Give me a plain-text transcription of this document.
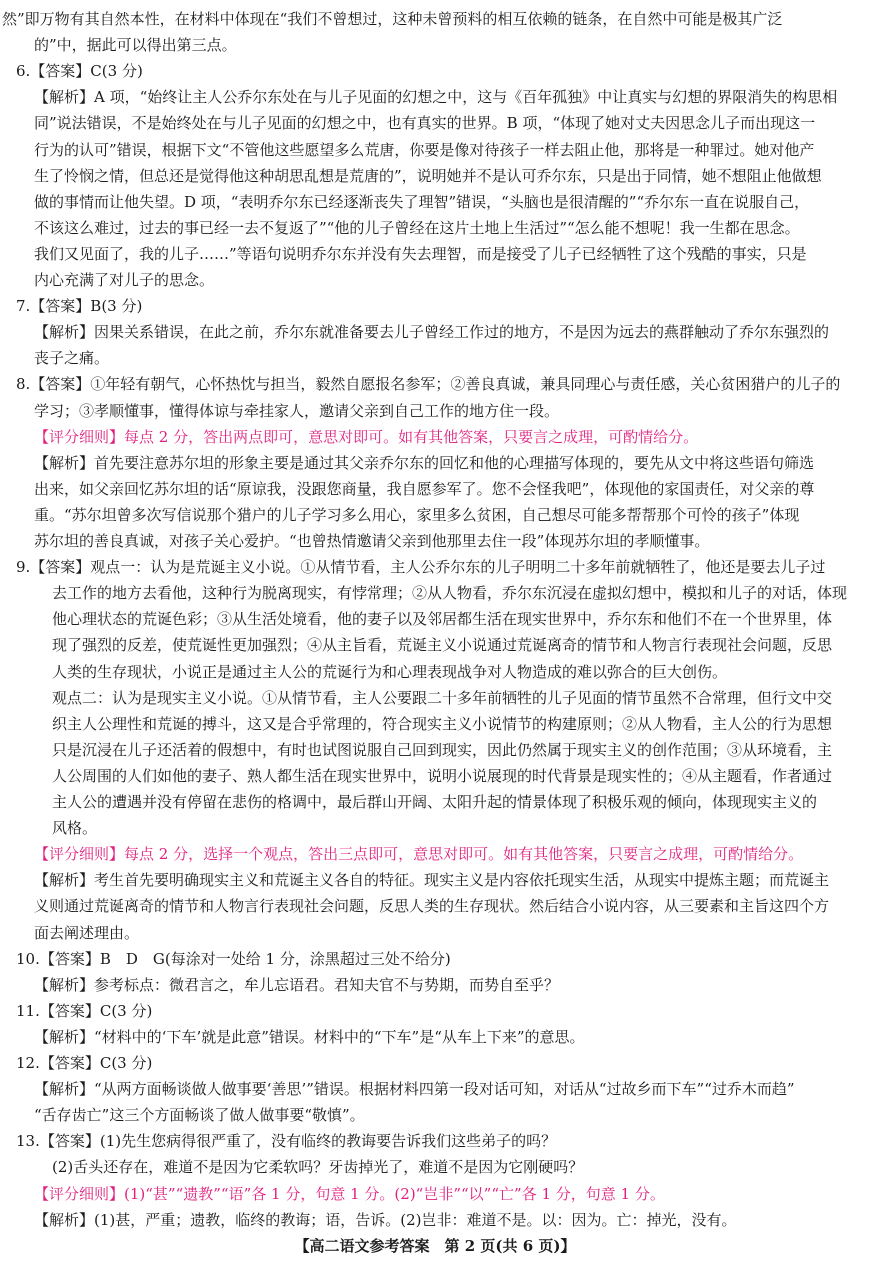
然”即万物有其自然本性，在材料中体现在“我们不曾想过，这种未曾预料的相互依赖的链条，在自然中可能是极其广泛
的”中，据此可以得出第三点。
6.【答案】C(3 分)
【解析】A 项，“始终让主人公乔尔东处在与儿子见面的幻想之中，这与《百年孤独》中让真实与幻想的界限消失的构思相
同”说法错误，不是始终处在与儿子见面的幻想之中，也有真实的世界。B 项，“体现了她对丈夫因思念儿子而出现这一
行为的认可”错误，根据下文“不管他这些愿望多么荒唐，你要是像对待孩子一样去阻止他，那将是一种罪过。她对他产
生了怜悯之情，但总还是觉得他这种胡思乱想是荒唐的”，说明她并不是认可乔尔东，只是出于同情，她不想阻止他做想
做的事情而让他失望。D 项，“表明乔尔东已经逐渐丧失了理智”错误，“头脑也是很清醒的”“乔尔东一直在说服自己，
不该这么难过，过去的事已经一去不复返了”“他的儿子曾经在这片土地上生活过”“怎么能不想呢！我一生都在思念。
我们又见面了，我的儿子……”等语句说明乔尔东并没有失去理智，而是接受了儿子已经牺牲了这个残酷的事实，只是
内心充满了对儿子的思念。
7.【答案】B(3 分)
【解析】因果关系错误，在此之前，乔尔东就准备要去儿子曾经工作过的地方，不是因为远去的燕群触动了乔尔东强烈的
丧子之痛。
8.【答案】①年轻有朝气，心怀热忱与担当，毅然自愿报名参军；②善良真诚，兼具同理心与责任感，关心贫困猎户的儿子的
学习；③孝顺懂事，懂得体谅与牵挂家人，邀请父亲到自己工作的地方住一段。
【评分细则】每点 2 分，答出两点即可，意思对即可。如有其他答案，只要言之成理，可酌情给分。
【解析】首先要注意苏尔坦的形象主要是通过其父亲乔尔东的回忆和他的心理描写体现的，要先从文中将这些语句筛选
出来，如父亲回忆苏尔坦的话“原谅我，没跟您商量，我自愿参军了。您不会怪我吧”，体现他的家国责任，对父亲的尊
重。“苏尔坦曾多次写信说那个猎户的儿子学习多么用心，家里多么贫困，自己想尽可能多帮帮那个可怜的孩子”体现
苏尔坦的善良真诚，对孩子关心爱护。“也曾热情邀请父亲到他那里去住一段”体现苏尔坦的孝顺懂事。
9.【答案】观点一：认为是荒诞主义小说。①从情节看，主人公乔尔东的儿子明明二十多年前就牺牲了，他还是要去儿子过
去工作的地方去看他，这种行为脱离现实，有悖常理；②从人物看，乔尔东沉浸在虚拟幻想中，模拟和儿子的对话，体现
他心理状态的荒诞色彩；③从生活处境看，他的妻子以及邻居都生活在现实世界中，乔尔东和他们不在一个世界里，体
现了强烈的反差，使荒诞性更加强烈；④从主旨看，荒诞主义小说通过荒诞离奇的情节和人物言行表现社会问题，反思
人类的生存现状，小说正是通过主人公的荒诞行为和心理表现战争对人物造成的难以弥合的巨大创伤。
观点二：认为是现实主义小说。①从情节看，主人公要跟二十多年前牺牲的儿子见面的情节虽然不合常理，但行文中交
织主人公理性和荒诞的搏斗，这又是合乎常理的，符合现实主义小说情节的构建原则；②从人物看，主人公的行为思想
只是沉浸在儿子还活着的假想中，有时也试图说服自己回到现实，因此仍然属于现实主义的创作范围；③从环境看，主
人公周围的人们如他的妻子、熟人都生活在现实世界中，说明小说展现的时代背景是现实性的；④从主题看，作者通过
主人公的遭遇并没有停留在悲伤的格调中，最后群山开阔、太阳升起的情景体现了积极乐观的倾向，体现现实主义的
风格。
【评分细则】每点 2 分，选择一个观点，答出三点即可，意思对即可。如有其他答案，只要言之成理，可酌情给分。
【解析】考生首先要明确现实主义和荒诞主义各自的特征。现实主义是内容依托现实生活，从现实中提炼主题；而荒诞主
义则通过荒诞离奇的情节和人物言行表现社会问题，反思人类的生存现状。然后结合小说内容，从三要素和主旨这四个方
面去阐述理由。
10.【答案】B　D　G(每涂对一处给 1 分，涂黑超过三处不给分)
【解析】参考标点：微君言之，牟儿忘语君。君知夫官不与势期，而势自至乎？
11.【答案】C(3 分)
【解析】“材料中的‘下车’就是此意”错误。材料中的“下车”是“从车上下来”的意思。
12.【答案】C(3 分)
【解析】“从两方面畅谈做人做事要‘善思’”错误。根据材料四第一段对话可知，对话从“过故乡而下车”“过乔木而趋”
“舌存齿亡”这三个方面畅谈了做人做事要“敬慎”。
13.【答案】(1)先生您病得很严重了，没有临终的教诲要告诉我们这些弟子的吗？
(2)舌头还存在，难道不是因为它柔软吗？牙齿掉光了，难道不是因为它刚硬吗？
【评分细则】(1)“甚”“遗教”“语”各 1 分，句意 1 分。(2)“岂非”“以”“亡”各 1 分，句意 1 分。
【解析】(1)甚，严重；遗教，临终的教诲；语，告诉。(2)岂非：难道不是。以：因为。亡：掉光，没有。
【高二语文参考答案　第 2 页(共 6 页)】
